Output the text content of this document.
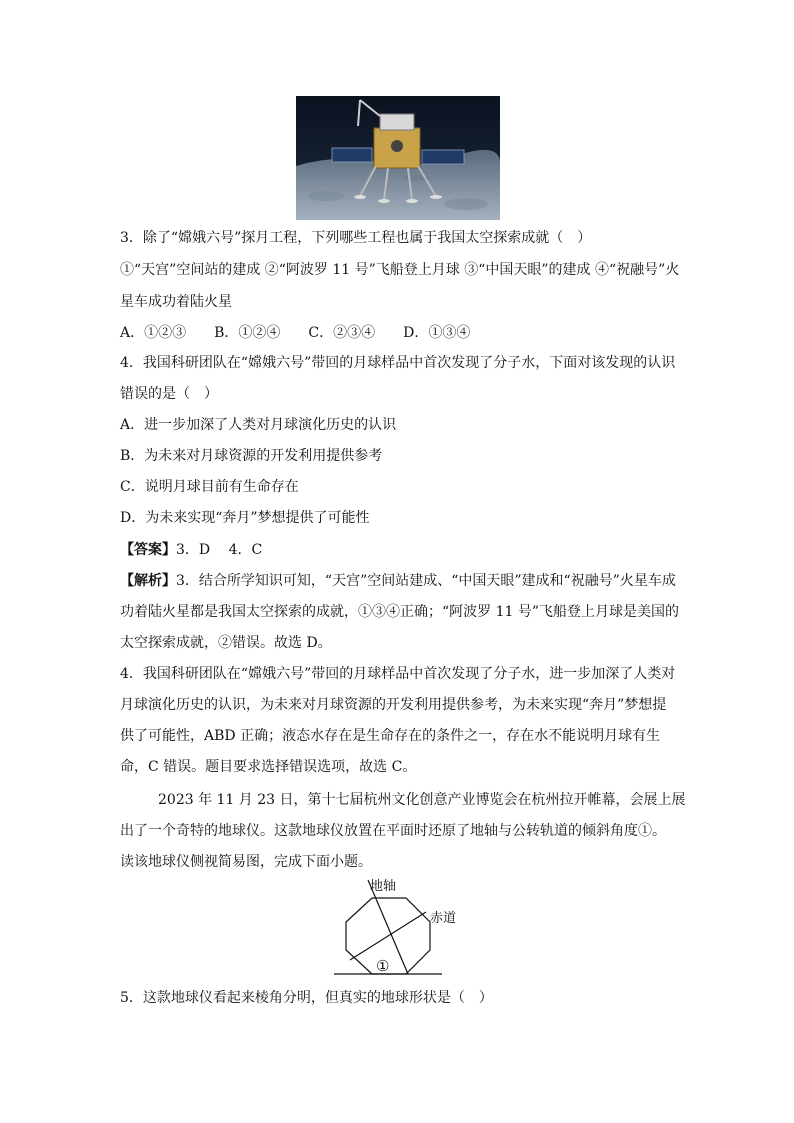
3．除了“嫦娥六号”探月工程，下列哪些工程也属于我国太空探索成就（　）
①“天宫”空间站的建成 ②“阿波罗 11 号”飞船登上月球 ③“中国天眼”的建成 ④“祝融号”火
星车成功着陆火星
A．①②③　　B．①②④　　C．②③④　　D．①③④
4．我国科研团队在“嫦娥六号”带回的月球样品中首次发现了分子水，下面对该发现的认识
错误的是（　）
A．进一步加深了人类对月球演化历史的认识
B．为未来对月球资源的开发利用提供参考
C．说明月球目前有生命存在
D．为未来实现“奔月”梦想提供了可能性
【答案】3．D　 4．C
【解析】3．结合所学知识可知，“天宫”空间站建成、“中国天眼”建成和“祝融号”火星车成
功着陆火星都是我国太空探索的成就，①③④正确；“阿波罗 11 号”飞船登上月球是美国的
太空探索成就，②错误。故选 D。
4．我国科研团队在“嫦娥六号”带回的月球样品中首次发现了分子水，进一步加深了人类对
月球演化历史的认识，为未来对月球资源的开发利用提供参考，为未来实现“奔月”梦想提
供了可能性，ABD 正确；液态水存在是生命存在的条件之一，存在水不能说明月球有生
命，C 错误。题目要求选择错误选项，故选 C。
2023 年 11 月 23 日，第十七届杭州文化创意产业博览会在杭州拉开帷幕，会展上展
出了一个奇特的地球仪。这款地球仪放置在平面时还原了地轴与公转轨道的倾斜角度①。
读该地球仪侧视简易图，完成下面小题。
地轴
赤道
①
5．这款地球仪看起来棱角分明，但真实的地球形状是（　）
